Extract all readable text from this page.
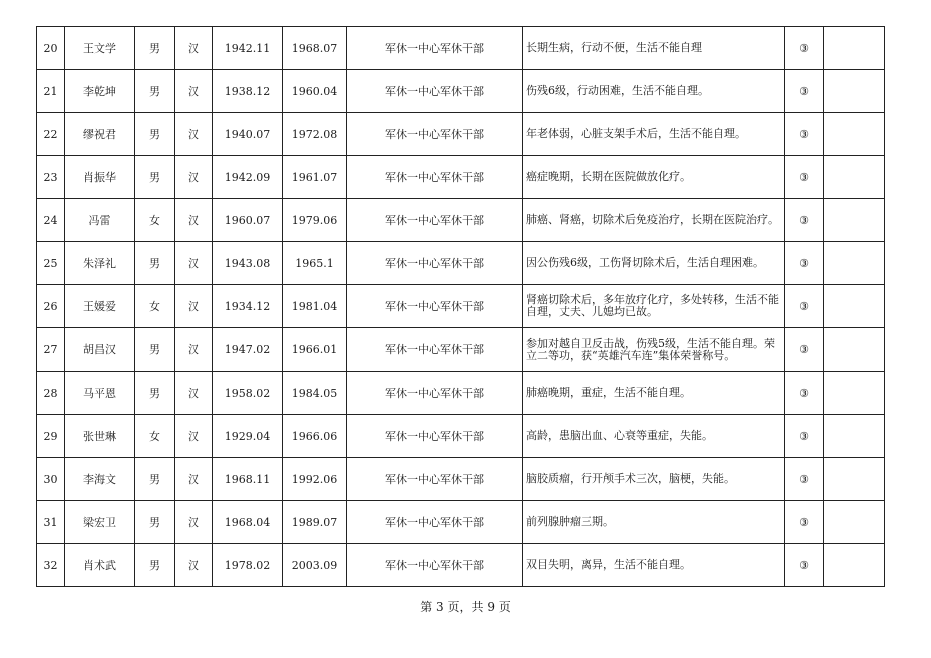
20	王文学	男	汉	1942.11	1968.07	军休一中心军休干部	长期生病，行动不便，生活不能自理	③	
21	李乾坤	男	汉	1938.12	1960.04	军休一中心军休干部	伤残6级，行动困难，生活不能自理。	③	
22	缪祝君	男	汉	1940.07	1972.08	军休一中心军休干部	年老体弱，心脏支架手术后，生活不能自理。	③	
23	肖振华	男	汉	1942.09	1961.07	军休一中心军休干部	癌症晚期，长期在医院做放化疗。	③	
24	冯雷	女	汉	1960.07	1979.06	军休一中心军休干部	肺癌、肾癌，切除术后免疫治疗，长期在医院治疗。	③	
25	朱泽礼	男	汉	1943.08	1965.1	军休一中心军休干部	因公伤残6级，工伤肾切除术后，生活自理困难。	③	
26	王媛爱	女	汉	1934.12	1981.04	军休一中心军休干部	肾癌切除术后，多年放疗化疗，多处转移，生活不能自理，丈夫、儿媳均已故。	③	
27	胡昌汉	男	汉	1947.02	1966.01	军休一中心军休干部	参加对越自卫反击战，伤残5级，生活不能自理。荣立二等功，获“英雄汽车连”集体荣誉称号。	③	
28	马平恩	男	汉	1958.02	1984.05	军休一中心军休干部	肺癌晚期，重症，生活不能自理。	③	
29	张世琳	女	汉	1929.04	1966.06	军休一中心军休干部	高龄，患脑出血、心衰等重症，失能。	③	
30	李海文	男	汉	1968.11	1992.06	军休一中心军休干部	脑胶质瘤，行开颅手术三次，脑梗，失能。	③	
31	梁宏卫	男	汉	1968.04	1989.07	军休一中心军休干部	前列腺肿瘤三期。	③	
32	肖术武	男	汉	1978.02	2003.09	军休一中心军休干部	双目失明，离异，生活不能自理。	③	
第 3 页，共 9 页
